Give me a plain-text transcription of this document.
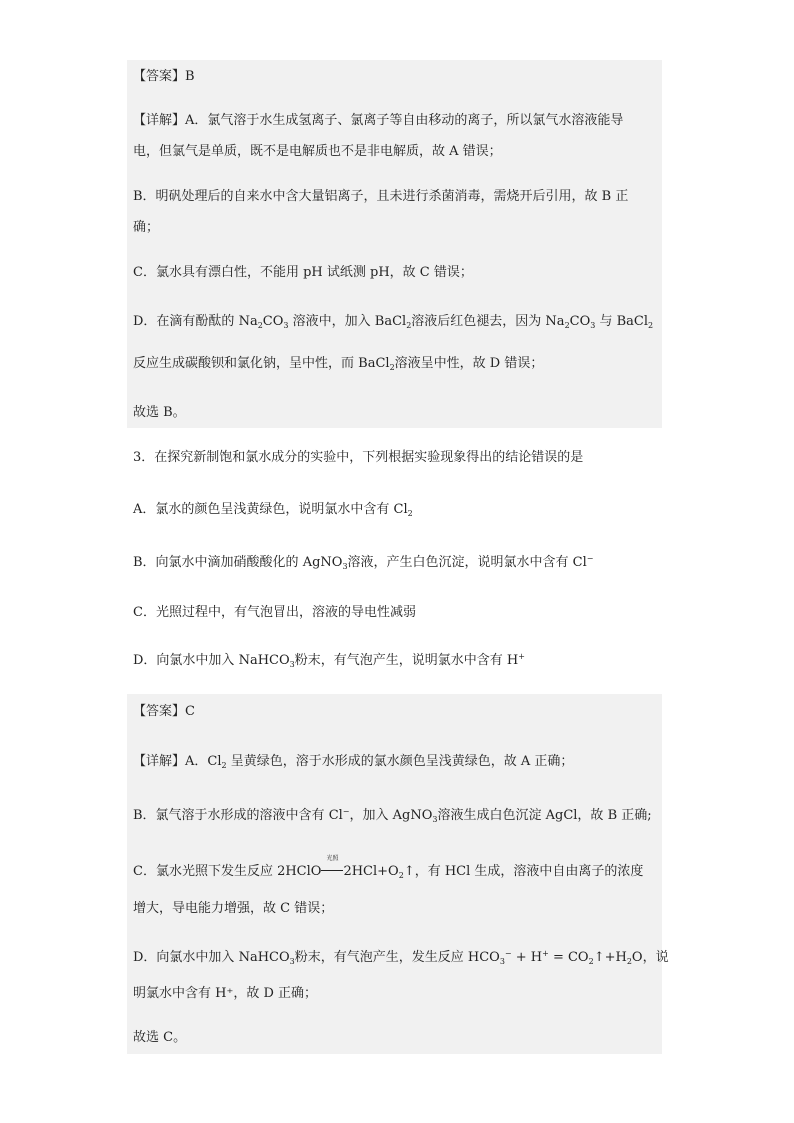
【答案】B
【详解】A．氯气溶于水生成氢离子、氯离子等自由移动的离子，所以氯气水溶液能导
电，但氯气是单质，既不是电解质也不是非电解质，故 A 错误；
B．明矾处理后的自来水中含大量铝离子，且未进行杀菌消毒，需烧开后引用，故 B 正
确；
C．氯水具有漂白性，不能用 pH 试纸测 pH，故 C 错误；
D．在滴有酚酞的 $Na_2CO_3$ 溶液中，加入 BaCl$_2$溶液后红色褪去，因为 $Na_2CO_3$ 与 BaCl$_2$
反应生成碳酸钡和氯化钠，呈中性，而 BaCl$_2$溶液呈中性，故 D 错误；
故选 B。
3．在探究新制饱和氯水成分的实验中，下列根据实验现象得出的结论错误的是
A．氯水的颜色呈浅黄绿色，说明氯水中含有 $Cl_2$
B．向氯水中滴加硝酸酸化的 AgNO$_3$溶液，产生白色沉淀，说明氯水中含有 Cl−
C．光照过程中，有气泡冒出，溶液的导电性减弱
D．向氯水中加入 NaHCO$_3$粉末，有气泡产生，说明氯水中含有 H+
【答案】C
【详解】A．$Cl_2$ 呈黄绿色，溶于水形成的氯水颜色呈浅黄绿色，故 A 正确；
B．氯气溶于水形成的溶液中含有 Cl−，加入 AgNO$_3$溶液生成白色沉淀 AgCl，故 B 正确;
C．氯水光照下发生反应 2HClO
光照
$2HCl+O_2↑$，有 HCl 生成，溶液中自由离子的浓度
增大，导电能力增强，故 C 错误；
D．向氯水中加入 NaHCO$_3$粉末，有气泡产生，发生反应 $HCO_3^- + H^+$ = $CO_2↑+H_2O$，说
明氯水中含有 H⁺，故 D 正确；
故选 C。
